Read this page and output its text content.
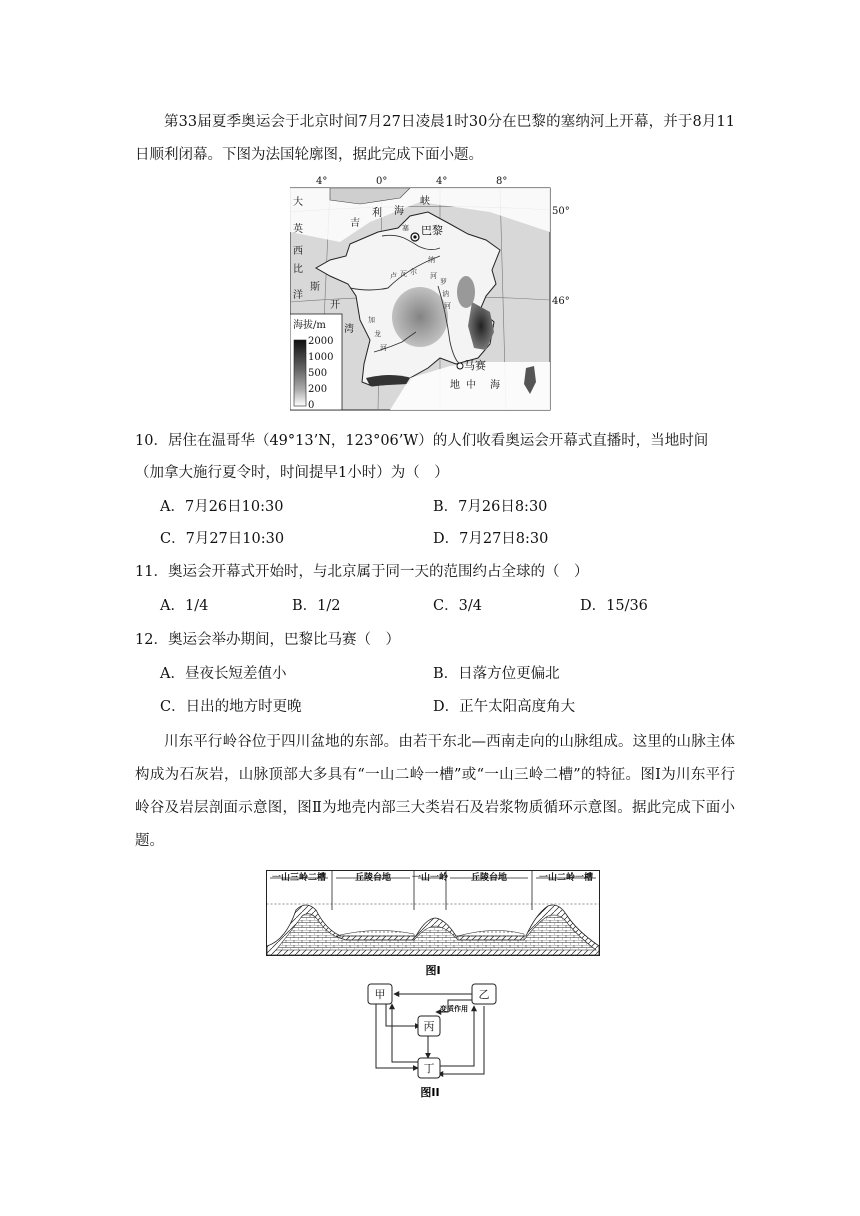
第33届夏季奥运会于北京时间7月27日凌晨1时30分在巴黎的塞纳河上开幕，并于8月11日顺利闭幕。下图为法国轮廓图，据此完成下面小题。

4°	0°	4°	8°
50°
46°
大
英
西
比
洋
斯
开
湾
利 海
峡
吉
巴黎
马赛
地 中 海
塞
纳
河
罗
讷
河
卢 瓦 尔
加
龙
河
海拔/m
2000
1000
500
200
0

10．居住在温哥华（49°13’N，123°06’W）的人们收看奥运会开幕式直播时，当地时间（加拿大施行夏令时，时间提早1小时）为（　）

A．7月26日10:30	B．7月26日8:30
C．7月27日10:30	D．7月27日8:30
11．奥运会开幕式开始时，与北京属于同一天的范围约占全球的（　）
A．1/4	B．1/2	C．3/4	D．15/36
12．奥运会举办期间，巴黎比马赛（　）
A．昼夜长短差值小	B．日落方位更偏北
C．日出的地方时更晚	D．正午太阳高度角大

川东平行岭谷位于四川盆地的东部。由若干东北—西南走向的山脉组成。这里的山脉主体构成为石灰岩，山脉顶部大多具有“一山二岭一槽”或“一山三岭二槽”的特征。图Ⅰ为川东平行岭谷及岩层剖面示意图，图Ⅱ为地壳内部三大类岩石及岩浆物质循环示意图。据此完成下面小题。

一山三岭二槽	丘陵台地 一山一岭	丘陵台地	一山二岭一槽
图I
甲	乙
丙
丁
变质作用
图II
